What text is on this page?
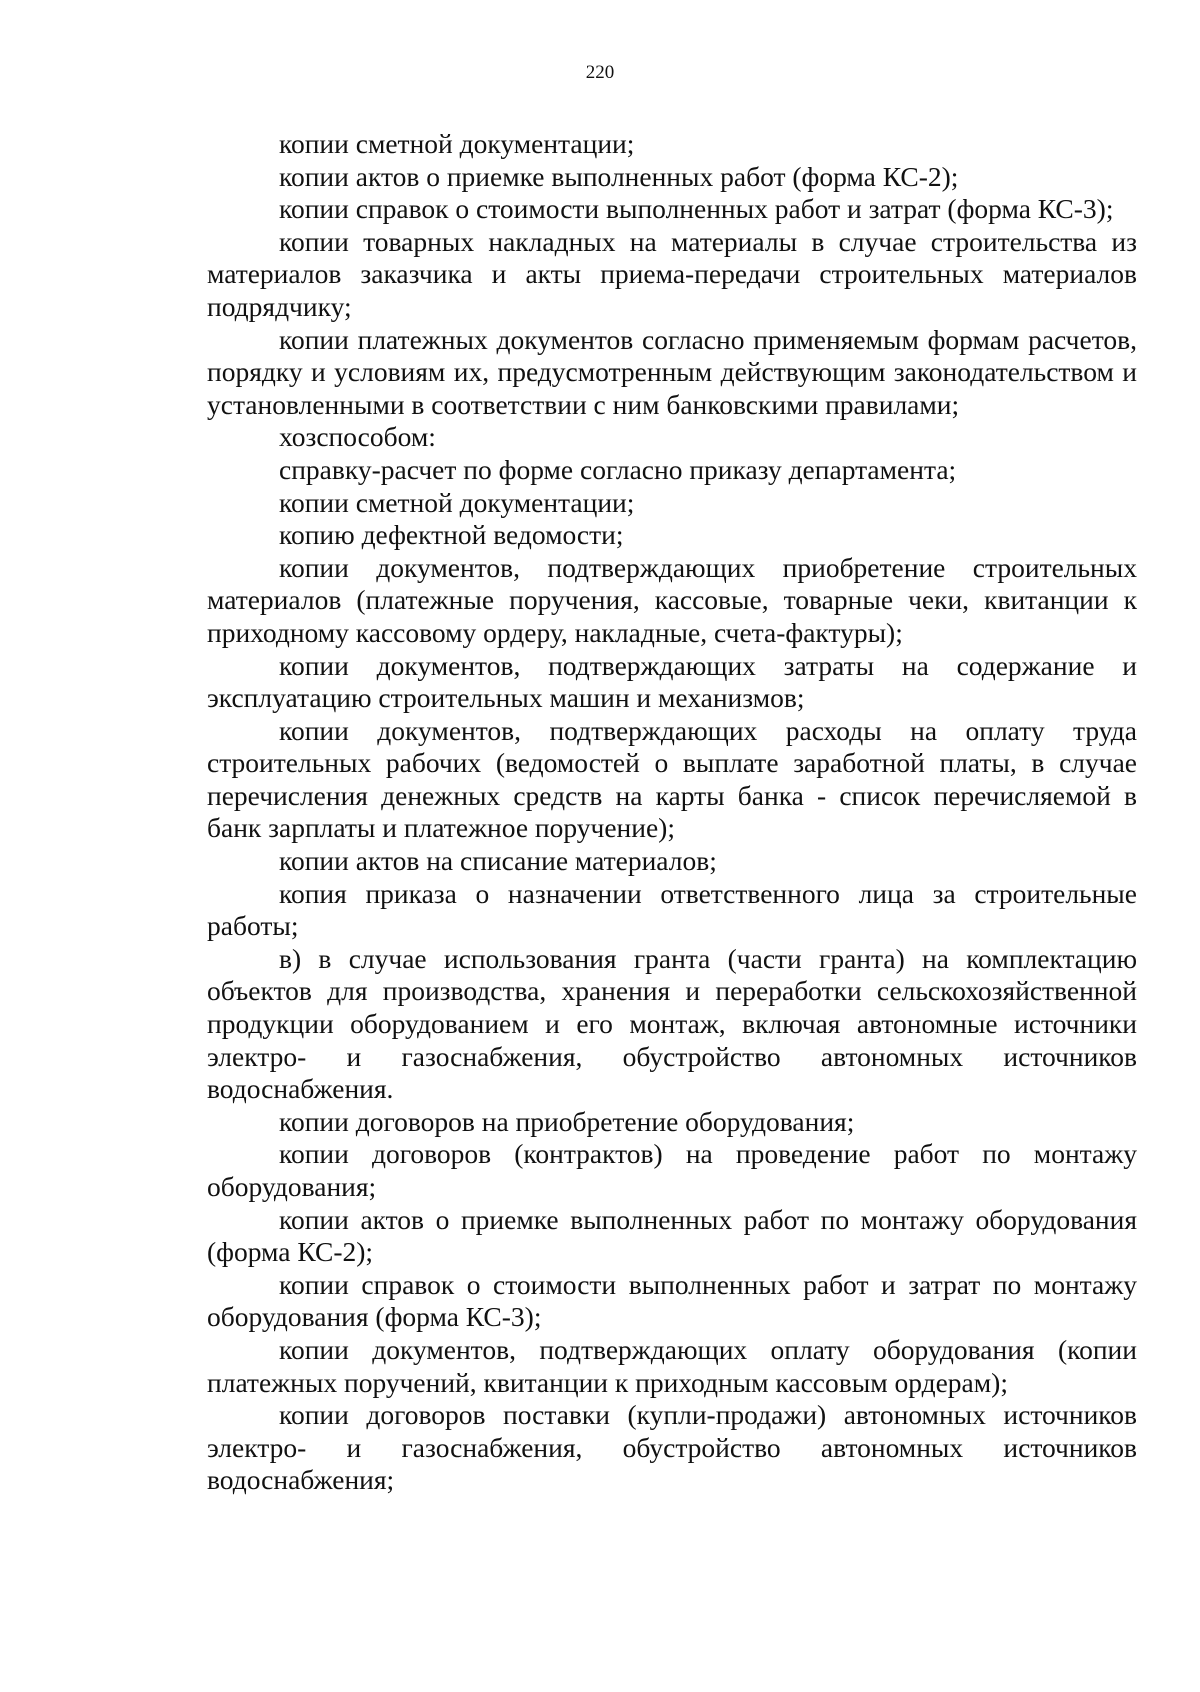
220

копии сметной документации;

копии актов о приемке выполненных работ (форма КС-2);

копии справок о стоимости выполненных работ и затрат (форма КС-3);

копии товарных накладных на материалы в случае строительства из материалов заказчика и акты приема-передачи строительных материалов подрядчику;

копии платежных документов согласно применяемым формам расчетов, порядку и условиям их, предусмотренным действующим законодательством и установленными в соответствии с ним банковскими правилами;

хозспособом:

справку-расчет по форме согласно приказу департамента;

копии сметной документации;

копию дефектной ведомости;

копии документов, подтверждающих приобретение строительных материалов (платежные поручения, кассовые, товарные чеки, квитанции к приходному кассовому ордеру, накладные, счета-фактуры);

копии документов, подтверждающих затраты на содержание и эксплуатацию строительных машин и механизмов;

копии документов, подтверждающих расходы на оплату труда строительных рабочих (ведомостей о выплате заработной платы, в случае перечисления денежных средств на карты банка - список перечисляемой в банк зарплаты и платежное поручение);

копии актов на списание материалов;

копия приказа о назначении ответственного лица за строительные работы;

в) в случае использования гранта (части гранта) на комплектацию объектов для производства, хранения и переработки сельскохозяйственной продукции оборудованием и его монтаж, включая автономные источники электро- и газоснабжения, обустройство автономных источников водоснабжения.

копии договоров на приобретение оборудования;

копии договоров (контрактов) на проведение работ по монтажу оборудования;

копии актов о приемке выполненных работ по монтажу оборудования (форма КС-2);

копии справок о стоимости выполненных работ и затрат по монтажу оборудования (форма КС-3);

копии документов, подтверждающих оплату оборудования (копии платежных поручений, квитанции к приходным кассовым ордерам);

копии договоров поставки (купли-продажи) автономных источников электро- и газоснабжения, обустройство автономных источников водоснабжения;
